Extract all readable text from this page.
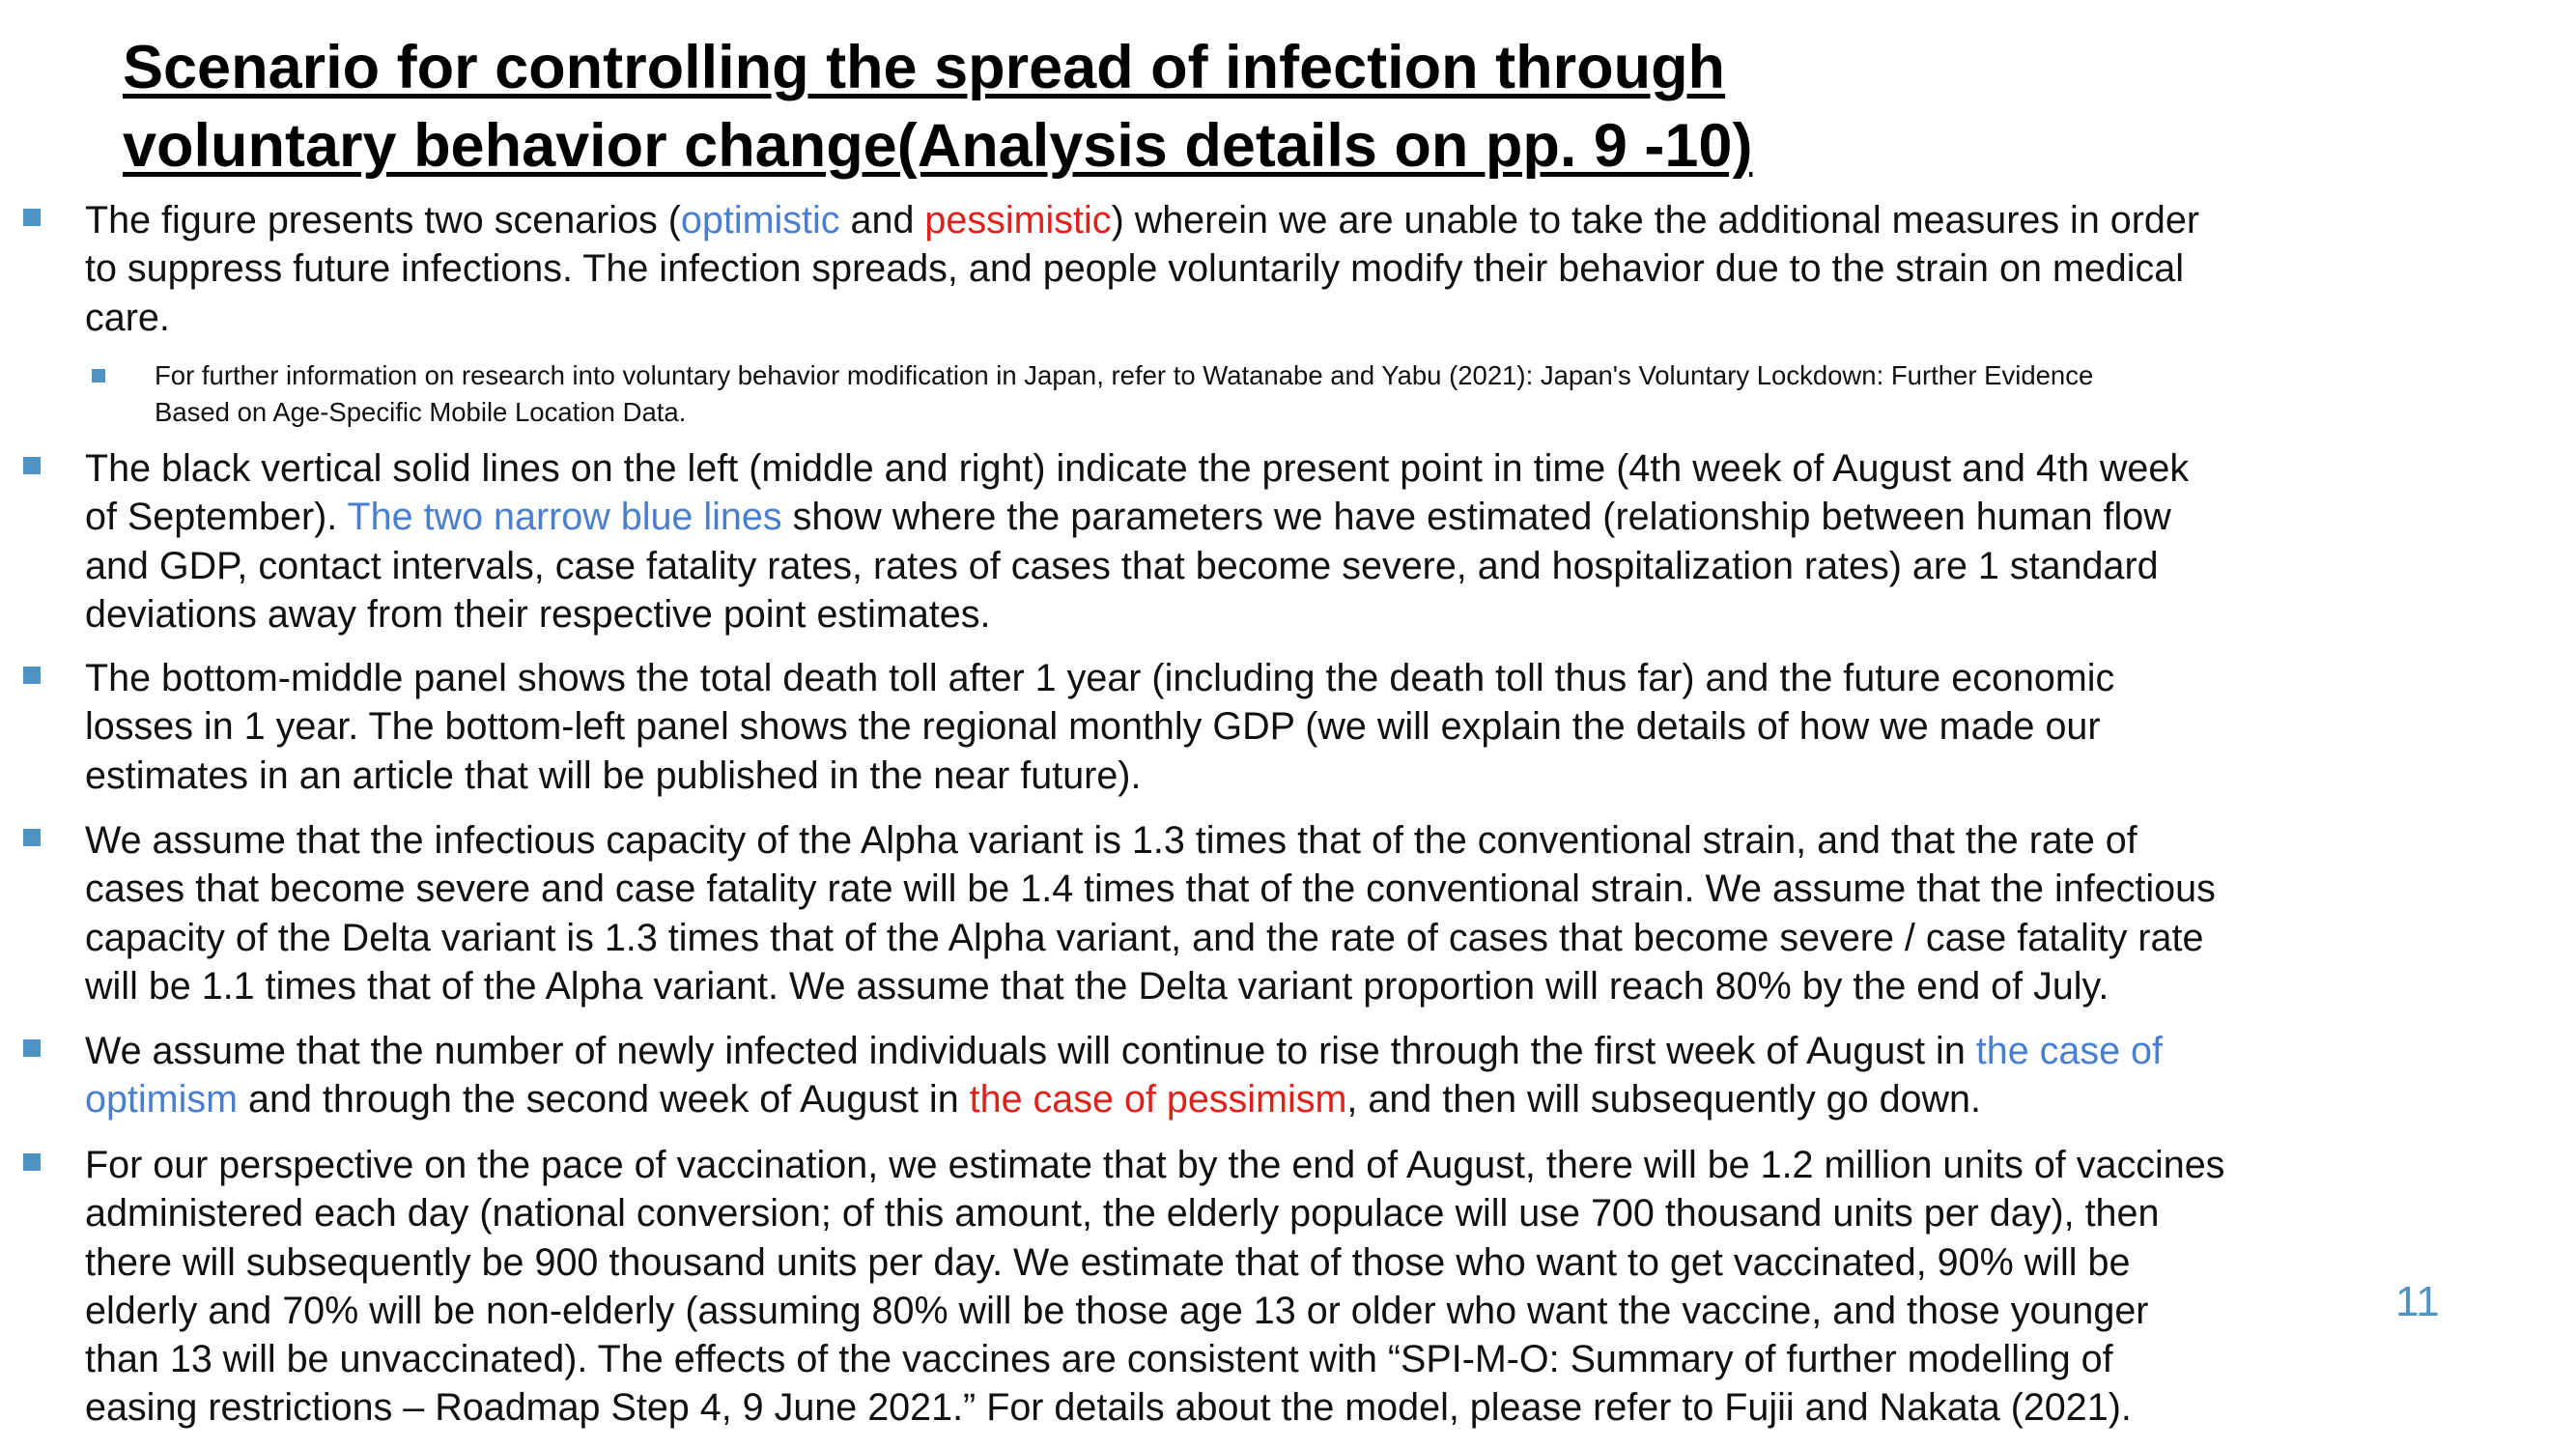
Scenario for controlling the spread of infection through
voluntary behavior change(Analysis details on pp. 9 -10)

The figure presents two scenarios (optimistic and pessimistic) wherein we are unable to take the additional measures in order
to suppress future infections. The infection spreads, and people voluntarily modify their behavior due to the strain on medical
care.

For further information on research into voluntary behavior modification in Japan, refer to Watanabe and Yabu (2021): Japan's Voluntary Lockdown: Further Evidence
Based on Age-Specific Mobile Location Data.

The black vertical solid lines on the left (middle and right) indicate the present point in time (4th week of August and 4th week
of September). The two narrow blue lines show where the parameters we have estimated (relationship between human flow
and GDP, contact intervals, case fatality rates, rates of cases that become severe, and hospitalization rates) are 1 standard
deviations away from their respective point estimates.

The bottom-middle panel shows the total death toll after 1 year (including the death toll thus far) and the future economic
losses in 1 year. The bottom-left panel shows the regional monthly GDP (we will explain the details of how we made our
estimates in an article that will be published in the near future).

We assume that the infectious capacity of the Alpha variant is 1.3 times that of the conventional strain, and that the rate of
cases that become severe and case fatality rate will be 1.4 times that of the conventional strain. We assume that the infectious
capacity of the Delta variant is 1.3 times that of the Alpha variant, and the rate of cases that become severe / case fatality rate
will be 1.1 times that of the Alpha variant. We assume that the Delta variant proportion will reach 80% by the end of July.

We assume that the number of newly infected individuals will continue to rise through the first week of August in the case of
optimism and through the second week of August in the case of pessimism, and then will subsequently go down.

For our perspective on the pace of vaccination, we estimate that by the end of August, there will be 1.2 million units of vaccines
administered each day (national conversion; of this amount, the elderly populace will use 700 thousand units per day), then
there will subsequently be 900 thousand units per day. We estimate that of those who want to get vaccinated, 90% will be
elderly and 70% will be non-elderly (assuming 80% will be those age 13 or older who want the vaccine, and those younger
than 13 will be unvaccinated). The effects of the vaccines are consistent with “SPI-M-O: Summary of further modelling of
easing restrictions – Roadmap Step 4, 9 June 2021.” For details about the model, please refer to Fujii and Nakata (2021).

11
